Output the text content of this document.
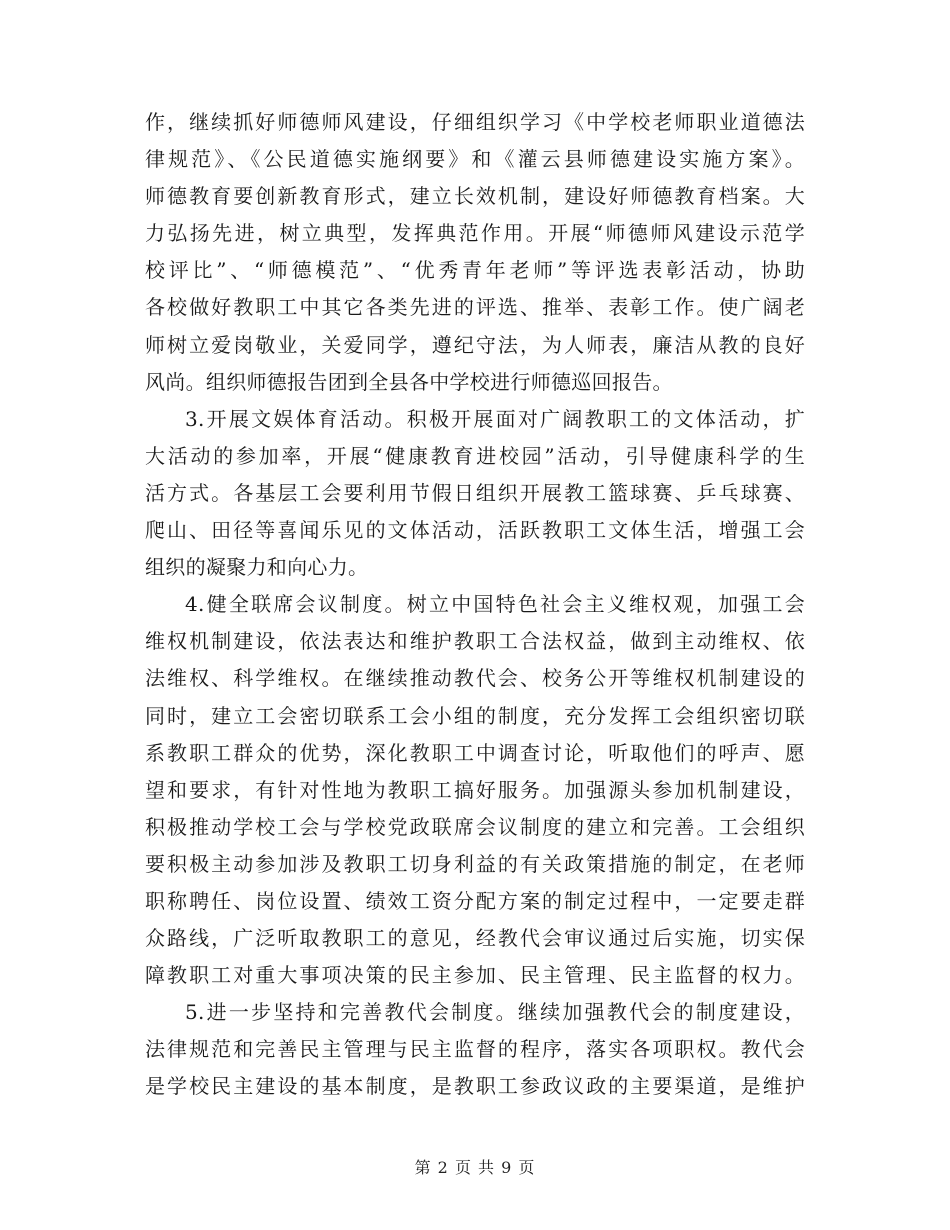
作，继续抓好师德师风建设，仔细组织学习《中学校老师职业道德法
律规范》、《公民道德实施纲要》和《灌云县师德建设实施方案》。
师德教育要创新教育形式，建立长效机制，建设好师德教育档案。大
力弘扬先进，树立典型，发挥典范作用。开展“师德师风建设示范学
校评比”、“师德模范”、“优秀青年老师”等评选表彰活动，协助
各校做好教职工中其它各类先进的评选、推举、表彰工作。使广阔老
师树立爱岗敬业，关爱同学，遵纪守法，为人师表，廉洁从教的良好
风尚。组织师德报告团到全县各中学校进行师德巡回报告。
3.开展文娱体育活动。积极开展面对广阔教职工的文体活动，扩
大活动的参加率，开展“健康教育进校园”活动，引导健康科学的生
活方式。各基层工会要利用节假日组织开展教工篮球赛、乒乓球赛、
爬山、田径等喜闻乐见的文体活动，活跃教职工文体生活，增强工会
组织的凝聚力和向心力。
4.健全联席会议制度。树立中国特色社会主义维权观，加强工会
维权机制建设，依法表达和维护教职工合法权益，做到主动维权、依
法维权、科学维权。在继续推动教代会、校务公开等维权机制建设的
同时，建立工会密切联系工会小组的制度，充分发挥工会组织密切联
系教职工群众的优势，深化教职工中调查讨论，听取他们的呼声、愿
望和要求，有针对性地为教职工搞好服务。加强源头参加机制建设，
积极推动学校工会与学校党政联席会议制度的建立和完善。工会组织
要积极主动参加涉及教职工切身利益的有关政策措施的制定，在老师
职称聘任、岗位设置、绩效工资分配方案的制定过程中，一定要走群
众路线，广泛听取教职工的意见，经教代会审议通过后实施，切实保
障教职工对重大事项决策的民主参加、民主管理、民主监督的权力。
5.进一步坚持和完善教代会制度。继续加强教代会的制度建设，
法律规范和完善民主管理与民主监督的程序，落实各项职权。教代会
是学校民主建设的基本制度，是教职工参政议政的主要渠道，是维护
第 2 页 共 9 页
